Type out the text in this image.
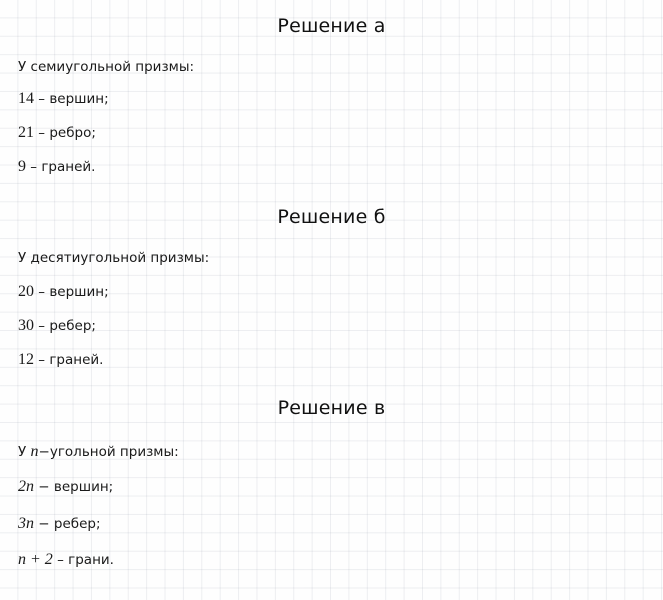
Решение а
У семиугольной призмы:
14 – вершин;
21 – ребро;
9 – граней.
Решение б
У десятиугольной призмы:
20 – вершин;
30 – ребер;
12 – граней.
Решение в
У n−угольной призмы:
2n − вершин;
3n − ребер;
n + 2 – грани.
